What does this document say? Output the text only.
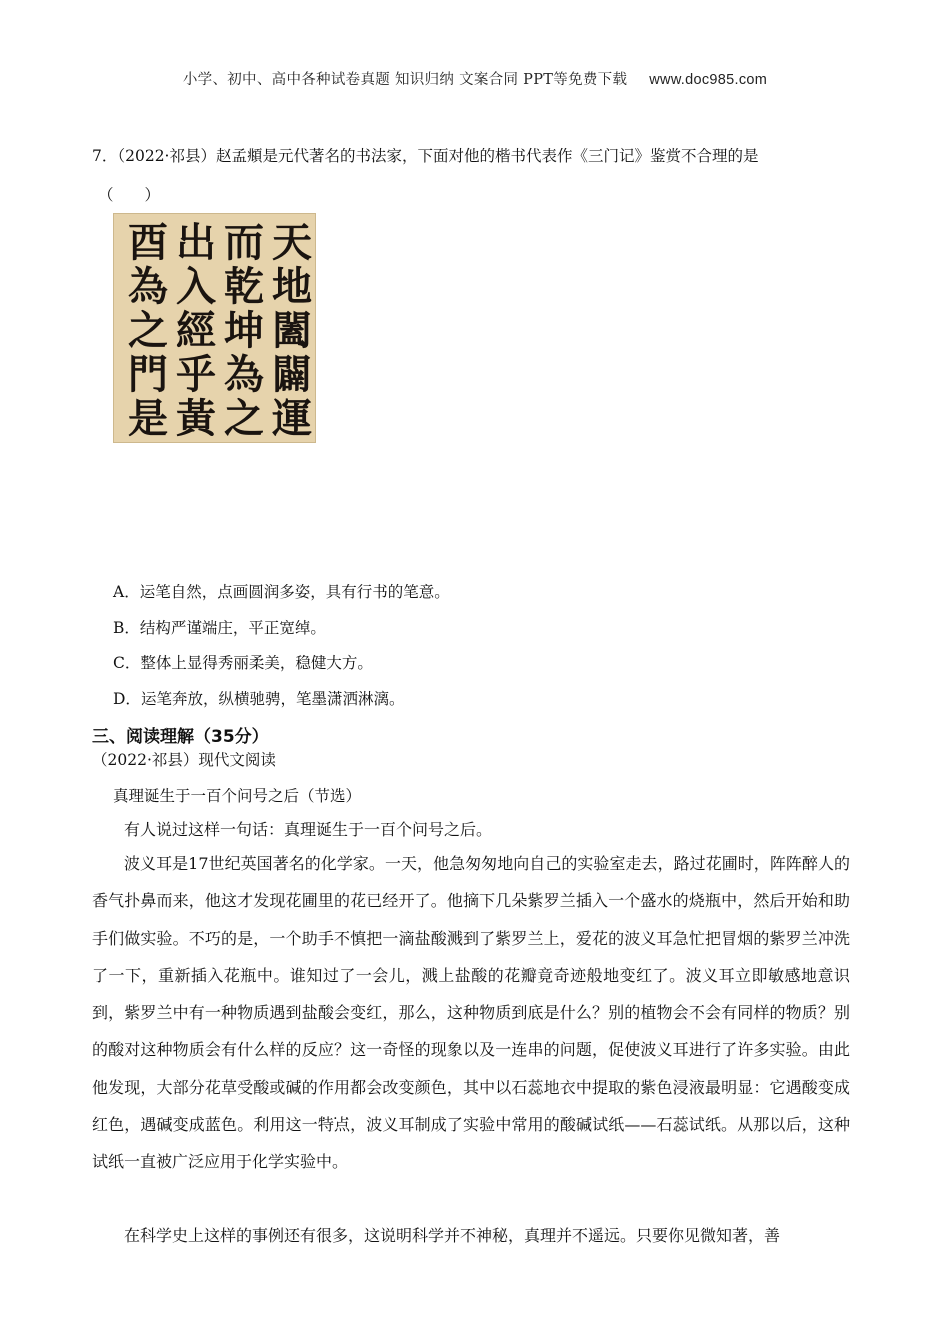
小学、初中、高中各种试卷真题 知识归纳 文案合同 PPT等免费下载 www.doc985.com
7．（2022·祁县）赵孟頫是元代著名的书法家，下面对他的楷书代表作《三门记》鉴赏不合理的是
（　　）
天
地
闔
闢
運
而
乾
坤
為
之
出
入
經
乎
黃
酉
為
之
門
是
A．运笔自然，点画圆润多姿，具有行书的笔意。
B．结构严谨端庄，平正宽绰。
C．整体上显得秀丽柔美，稳健大方。
D．运笔奔放，纵横驰骋，笔墨潇洒淋漓。
三、阅读理解（35分）
（2022·祁县）现代文阅读
真理诞生于一百个问号之后（节选）

有人说过这样一句话：真理诞生于一百个问号之后。

波义耳是17世纪英国著名的化学家。一天，他急匆匆地向自己的实验室走去，路过花圃时，阵阵醉人的香气扑鼻而来，他这才发现花圃里的花已经开了。他摘下几朵紫罗兰插入一个盛水的烧瓶中，然后开始和助手们做实验。不巧的是，一个助手不慎把一滴盐酸溅到了紫罗兰上，爱花的波义耳急忙把冒烟的紫罗兰冲洗了一下，重新插入花瓶中。谁知过了一会儿，溅上盐酸的花瓣竟奇迹般地变红了。波义耳立即敏感地意识到，紫罗兰中有一种物质遇到盐酸会变红，那么，这种物质到底是什么？别的植物会不会有同样的物质？别的酸对这种物质会有什么样的反应？这一奇怪的现象以及一连串的问题，促使波义耳进行了许多实验。由此他发现，大部分花草受酸或碱的作用都会改变颜色，其中以石蕊地衣中提取的紫色浸液最明显：它遇酸变成红色，遇碱变成蓝色。利用这一特点 · · · ·，波义耳制成了实验中常用的酸碱试纸——石蕊试纸。从那以后，这种试纸一直被广泛应用于化学实验中。

在科学史上这样的事例还有很多，这说明科学并不神秘，真理并不遥远。只要你见微知著，善
